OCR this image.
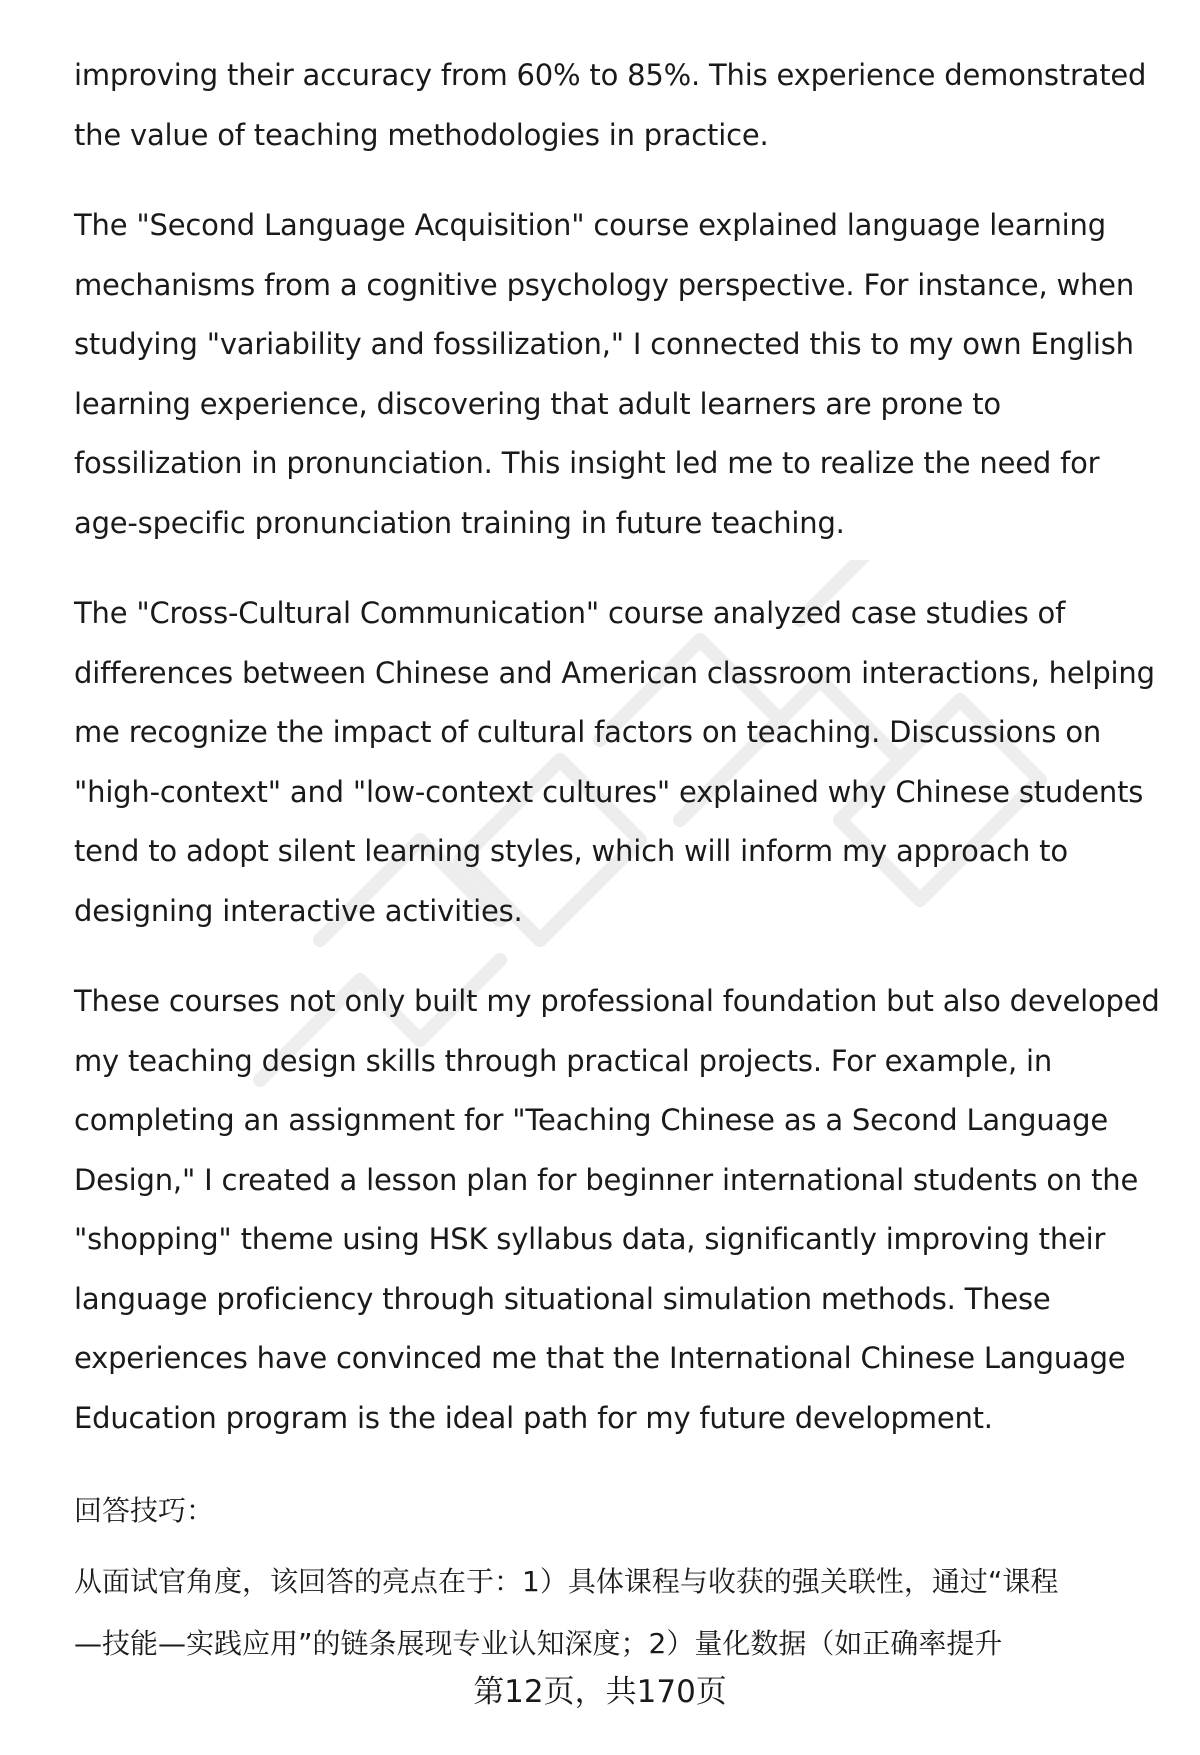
improving their accuracy from 60% to 85%. This experience demonstrated
the value of teaching methodologies in practice.

The "Second Language Acquisition" course explained language learning
mechanisms from a cognitive psychology perspective. For instance, when
studying "variability and fossilization," I connected this to my own English
learning experience, discovering that adult learners are prone to
fossilization in pronunciation. This insight led me to realize the need for
age-specific pronunciation training in future teaching.

The "Cross-Cultural Communication" course analyzed case studies of
differences between Chinese and American classroom interactions, helping
me recognize the impact of cultural factors on teaching. Discussions on
"high-context" and "low-context cultures" explained why Chinese students
tend to adopt silent learning styles, which will inform my approach to
designing interactive activities.

These courses not only built my professional foundation but also developed
my teaching design skills through practical projects. For example, in
completing an assignment for "Teaching Chinese as a Second Language
Design," I created a lesson plan for beginner international students on the
"shopping" theme using HSK syllabus data, significantly improving their
language proficiency through situational simulation methods. These
experiences have convinced me that the International Chinese Language
Education program is the ideal path for my future development.

回答技巧：

从面试官角度，该回答的亮点在于：1）具体课程与收获的强关联性，通过“课程
—技能—实践应用”的链条展现专业认知深度；2）量化数据（如正确率提升
第12页，共170页
